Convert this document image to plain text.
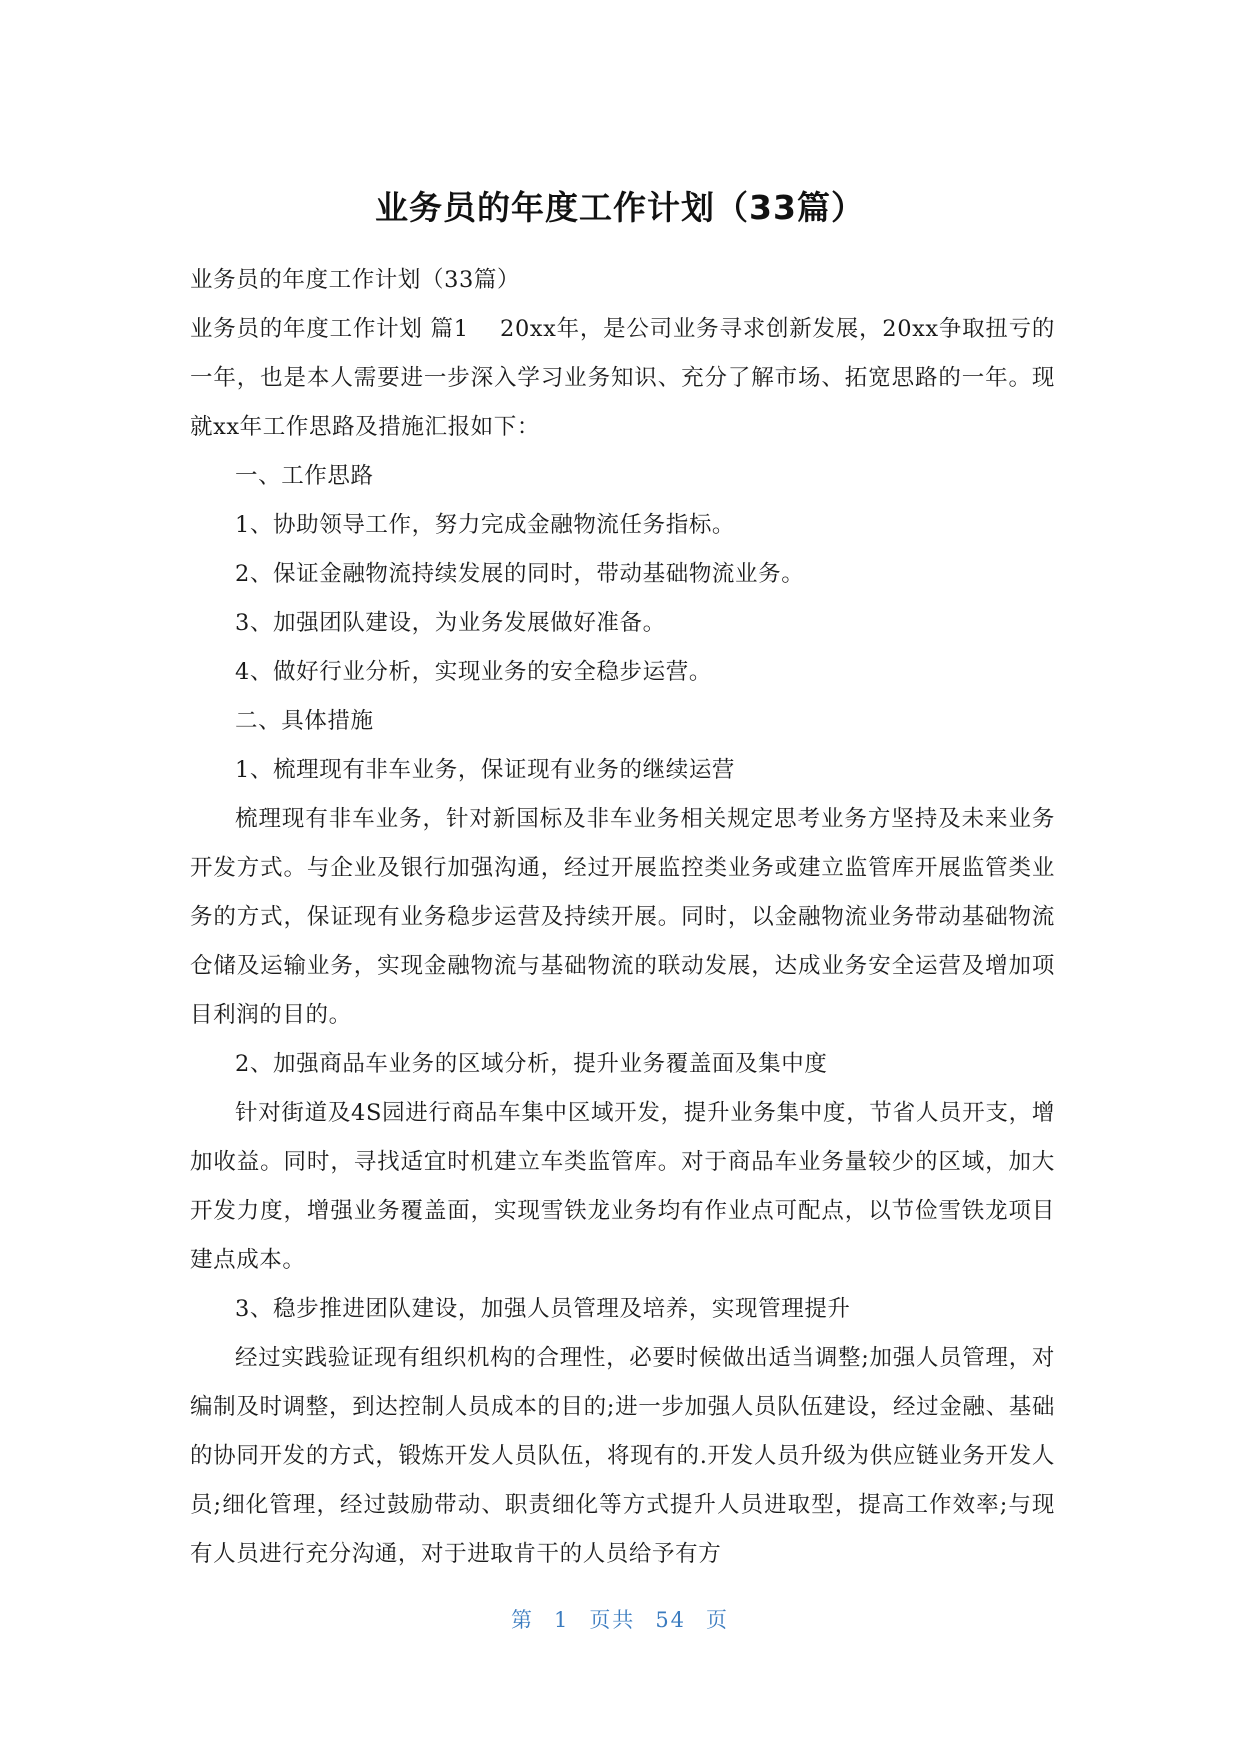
业务员的年度工作计划（33篇）

业务员的年度工作计划（33篇）

业务员的年度工作计划 篇1　 20xx年，是公司业务寻求创新发展，20xx争取扭亏的一年，也是本人需要进一步深入学习业务知识、充分了解市场、拓宽思路的一年。现就xx年工作思路及措施汇报如下：

一、工作思路

1、协助领导工作，努力完成金融物流任务指标。

2、保证金融物流持续发展的同时，带动基础物流业务。

3、加强团队建设，为业务发展做好准备。

4、做好行业分析，实现业务的安全稳步运营。

二、具体措施

1、梳理现有非车业务，保证现有业务的继续运营

梳理现有非车业务，针对新国标及非车业务相关规定思考业务方坚持及未来业务开发方式。与企业及银行加强沟通，经过开展监控类业务或建立监管库开展监管类业务的方式，保证现有业务稳步运营及持续开展。同时，以金融物流业务带动基础物流仓储及运输业务，实现金融物流与基础物流的联动发展，达成业务安全运营及增加项目利润的目的。

2、加强商品车业务的区域分析，提升业务覆盖面及集中度

针对街道及4S园进行商品车集中区域开发，提升业务集中度，节省人员开支，增加收益。同时，寻找适宜时机建立车类监管库。对于商品车业务量较少的区域，加大开发力度，增强业务覆盖面，实现雪铁龙业务均有作业点可配点，以节俭雪铁龙项目建点成本。

3、稳步推进团队建设，加强人员管理及培养，实现管理提升

经过实践验证现有组织机构的合理性，必要时候做出适当调整;加强人员管理，对编制及时调整，到达控制人员成本的目的;进一步加强人员队伍建设，经过金融、基础的协同开发的方式，锻炼开发人员队伍，将现有的.开发人员升级为供应链业务开发人员;细化管理，经过鼓励带动、职责细化等方式提升人员进取型，提高工作效率;与现有人员进行充分沟通，对于进取肯干的人员给予有方

第 1 页共 54 页
